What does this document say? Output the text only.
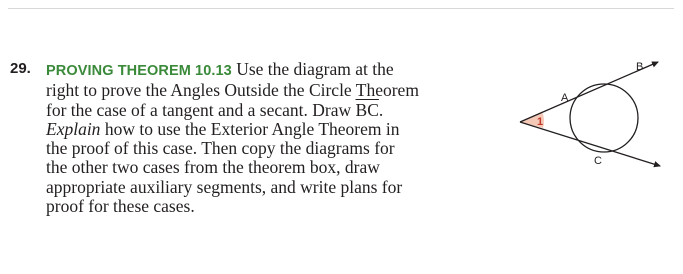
29. PROVING THEOREM 10.13 Use the diagram at the
right to prove the Angles Outside the Circle Theorem
for the case of a tangent and a secant. Draw $\overline{BC}$.
Explain how to use the Exterior Angle Theorem in
the proof of this case. Then copy the diagrams for
the other two cases from the theorem box, draw
appropriate auxiliary segments, and write plans for
proof for these cases.
A
B
C
1
